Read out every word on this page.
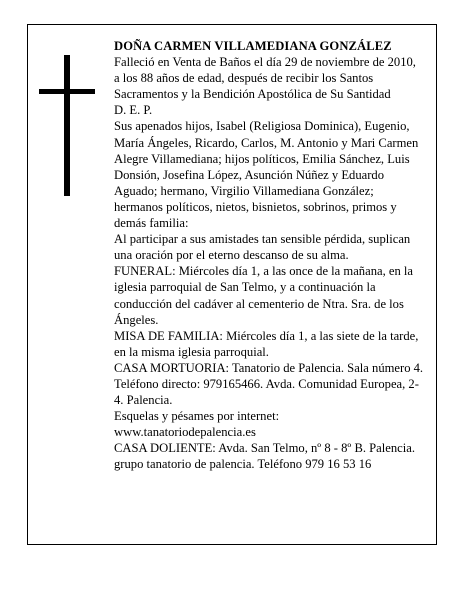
DOÑA CARMEN VILLAMEDIANA GONZÁLEZ

Falleció en Venta de Baños el día 29 de noviembre de 2010, a los 88 años de edad, después de recibir los Santos Sacramentos y la Bendición Apostólica de Su Santidad

D. E. P.

Sus apenados hijos, Isabel (Religiosa Dominica), Eugenio, María Ángeles, Ricardo, Carlos, M. Antonio y Mari Carmen Alegre Villamediana; hijos políticos, Emilia Sánchez, Luis Donsión, Josefina López, Asunción Núñez y Eduardo Aguado; hermano, Virgilio Villamediana González; hermanos políticos, nietos, bisnietos, sobrinos, primos y demás familia:

Al participar a sus amistades tan sensible pérdida, suplican una oración por el eterno descanso de su alma.

FUNERAL: Miércoles día 1, a las once de la mañana, en la iglesia parroquial de San Telmo, y a continuación la conducción del cadáver al cementerio de Ntra. Sra. de los Ángeles.

MISA DE FAMILIA: Miércoles día 1, a las siete de la tarde, en la misma iglesia parroquial.

CASA MORTUORIA: Tanatorio de Palencia. Sala número 4. Teléfono directo: 979165466. Avda. Comunidad Europea, 2-4. Palencia.

Esquelas y pésames por internet:

www.tanatoriodepalencia.es

CASA DOLIENTE: Avda. San Telmo, nº 8 - 8º B. Palencia.

grupo tanatorio de palencia. Teléfono 979 16 53 16
